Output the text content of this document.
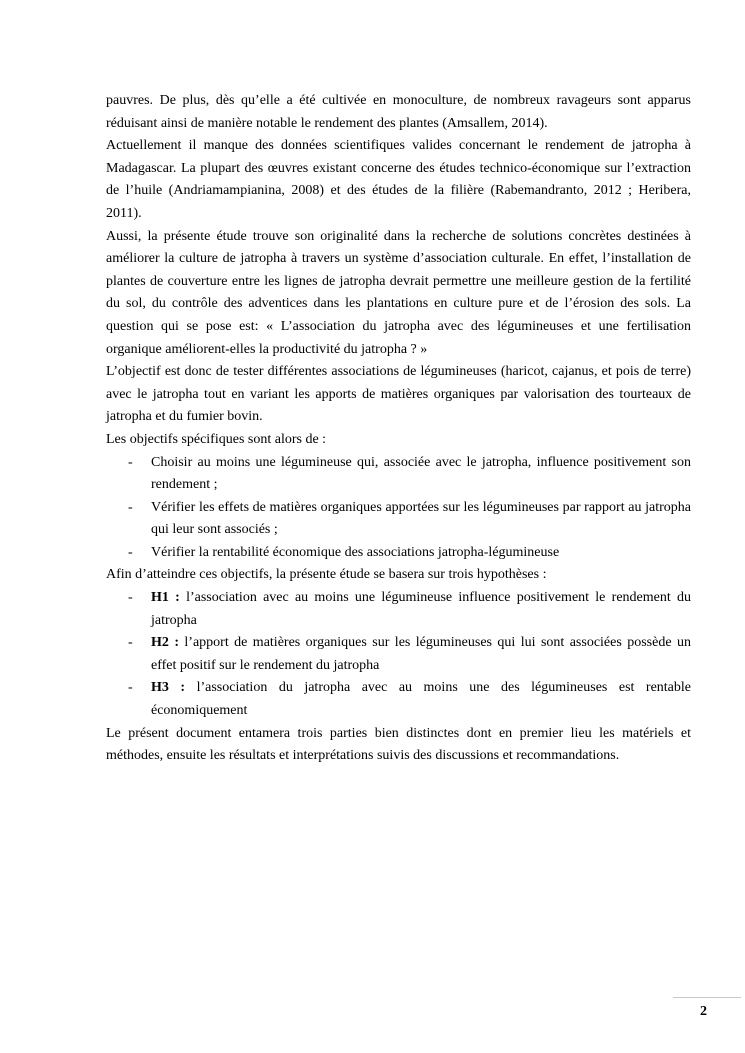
pauvres. De plus, dès qu’elle a été cultivée en monoculture, de nombreux ravageurs sont apparus réduisant ainsi de manière notable le rendement des plantes (Amsallem, 2014).

Actuellement il manque des données scientifiques valides concernant le rendement de jatropha à Madagascar. La plupart des œuvres existant concerne des études technico-économique sur l’extraction de l’huile (Andriamampianina, 2008) et des études de la filière (Rabemandranto, 2012 ; Heribera, 2011).

Aussi, la présente étude trouve son originalité dans la recherche de solutions concrètes destinées à améliorer la culture de jatropha à travers un système d’association culturale. En effet, l’installation de plantes de couverture entre les lignes de jatropha devrait permettre une meilleure gestion de la fertilité du sol, du contrôle des adventices dans les plantations en culture pure et de l’érosion des sols. La question qui se pose est: « L’association du jatropha avec des légumineuses et une fertilisation organique améliorent-elles la productivité du jatropha ? »

L’objectif est donc de tester différentes associations de légumineuses (haricot, cajanus, et pois de terre) avec le jatropha tout en variant les apports de matières organiques par valorisation des tourteaux de jatropha et du fumier bovin.

Les objectifs spécifiques sont alors de :

- Choisir au moins une légumineuse qui, associée avec le jatropha, influence positivement son rendement ;
- Vérifier les effets de matières organiques apportées sur les légumineuses par rapport au jatropha qui leur sont associés ;
- Vérifier la rentabilité économique des associations jatropha-légumineuse

Afin d’atteindre ces objectifs, la présente étude se basera sur trois hypothèses :

- H1 : l’association avec au moins une légumineuse influence positivement le rendement du jatropha
- H2 : l’apport de matières organiques sur les légumineuses qui lui sont associées possède un effet positif sur le rendement du jatropha
- H3 : l’association du jatropha avec au moins une des légumineuses est rentable économiquement

Le présent document entamera trois parties bien distinctes dont en premier lieu les matériels et méthodes, ensuite les résultats et interprétations suivis des discussions et recommandations.

2
